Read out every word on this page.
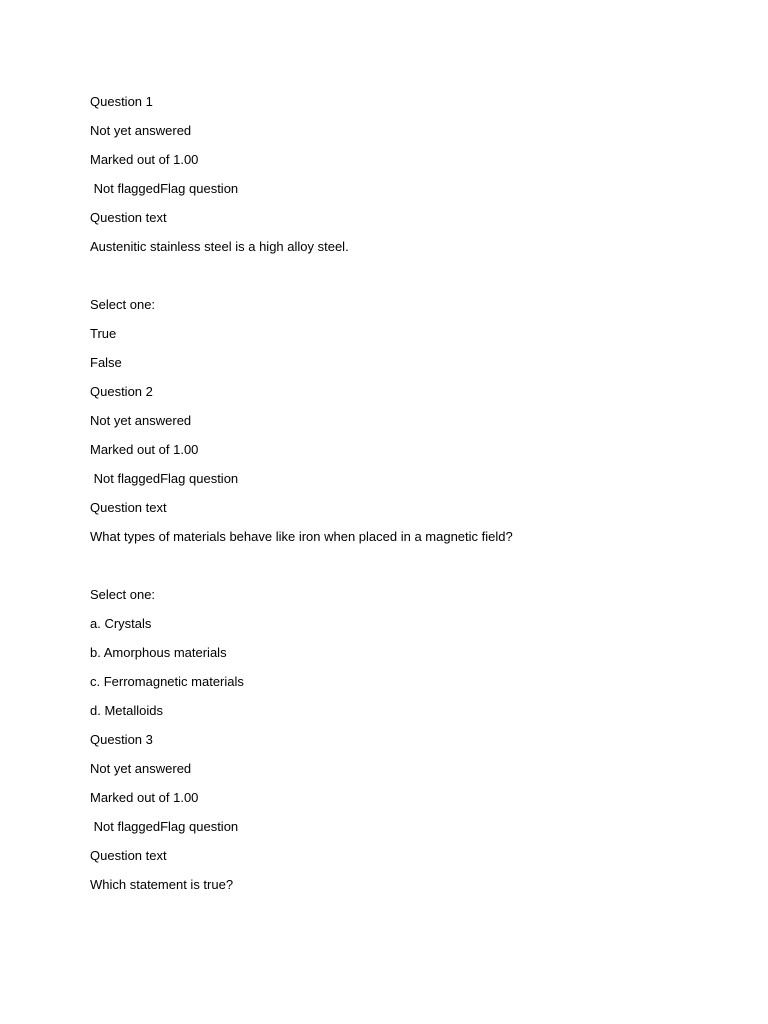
Question 1
Not yet answered
Marked out of 1.00
Not flaggedFlag question
Question text
Austenitic stainless steel is a high alloy steel.
Select one:
True
False
Question 2
Not yet answered
Marked out of 1.00
Not flaggedFlag question
Question text
What types of materials behave like iron when placed in a magnetic field?
Select one:
a. Crystals
b. Amorphous materials
c. Ferromagnetic materials
d. Metalloids
Question 3
Not yet answered
Marked out of 1.00
Not flaggedFlag question
Question text
Which statement is true?
